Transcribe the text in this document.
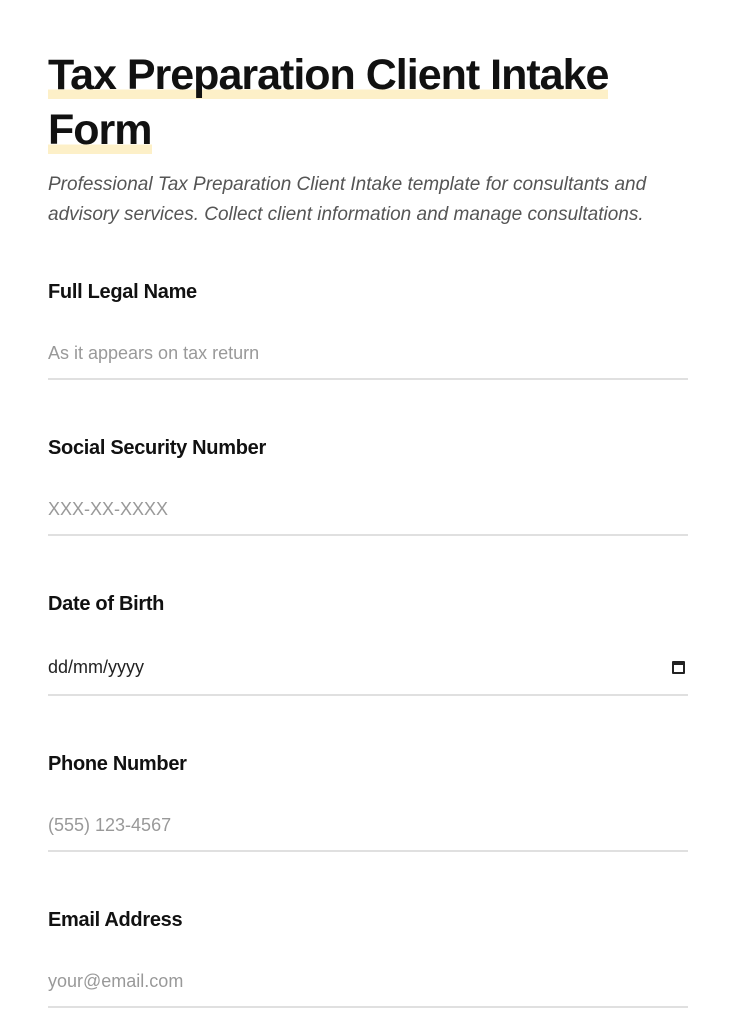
Tax Preparation Client Intake Form

Professional Tax Preparation Client Intake template for consultants and advisory services. Collect client information and manage consultations.

Full Legal Name
As it appears on tax return
Social Security Number
XXX-XX-XXXX
Date of Birth
dd/mm/yyyy
Phone Number
(555) 123-4567
Email Address
your@email.com
